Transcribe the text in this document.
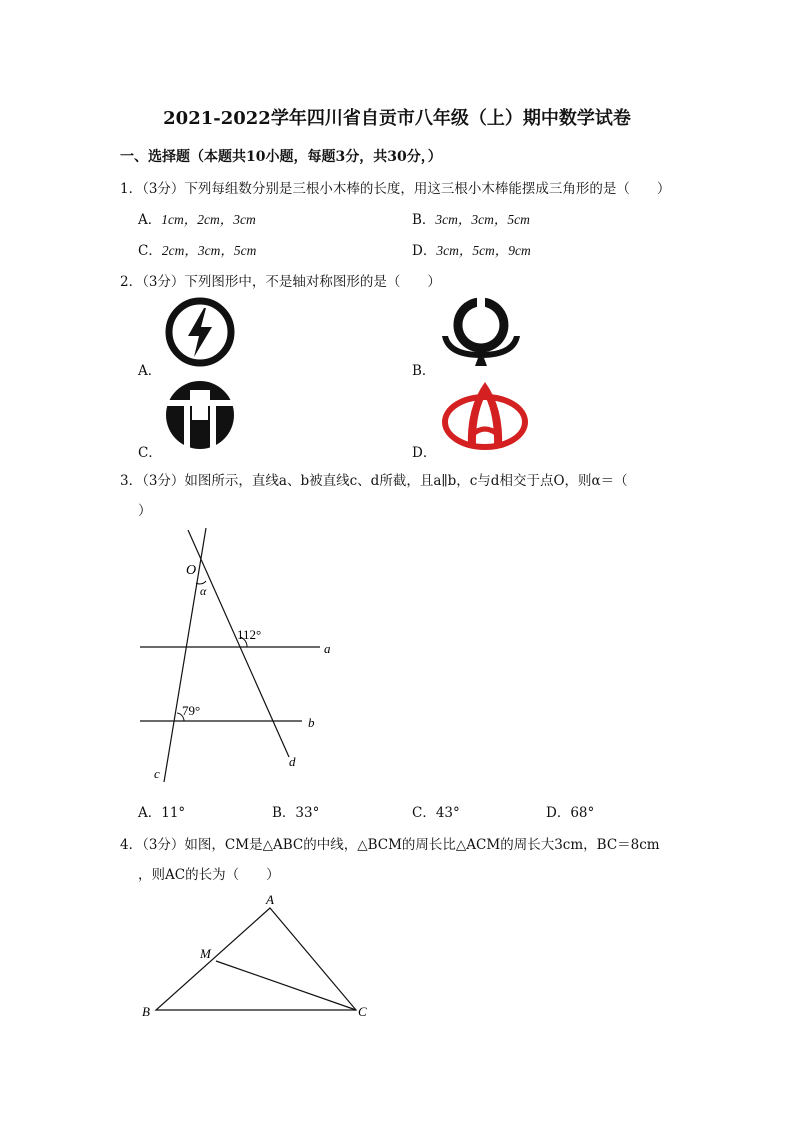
2021-2022学年四川省自贡市八年级（上）期中数学试卷
一、选择题（本题共10小题，每题3分，共30分，）
1．（3分）下列每组数分别是三根小木棒的长度，用这三根小木棒能摆成三角形的是（　　）
A．1cm，2cm，3cm	B．3cm，3cm，5cm
C．2cm，3cm，5cm	D．3cm，5cm，9cm
2．（3分）下列图形中，不是轴对称图形的是（　　）
A．	B．
C．	D．
3．（3分）如图所示，直线a、b被直线c、d所截，且a∥b，c与d相交于点O，则α＝（
）
O
α
112°
79°
a
b
c
d
A．11°	B．33°	C．43°	D．68°
4．（3分）如图，CM是△ABC的中线，△BCM的周长比△ACM的周长大3cm，BC＝8cm
，则AC的长为（　　）
A
B	C
M
